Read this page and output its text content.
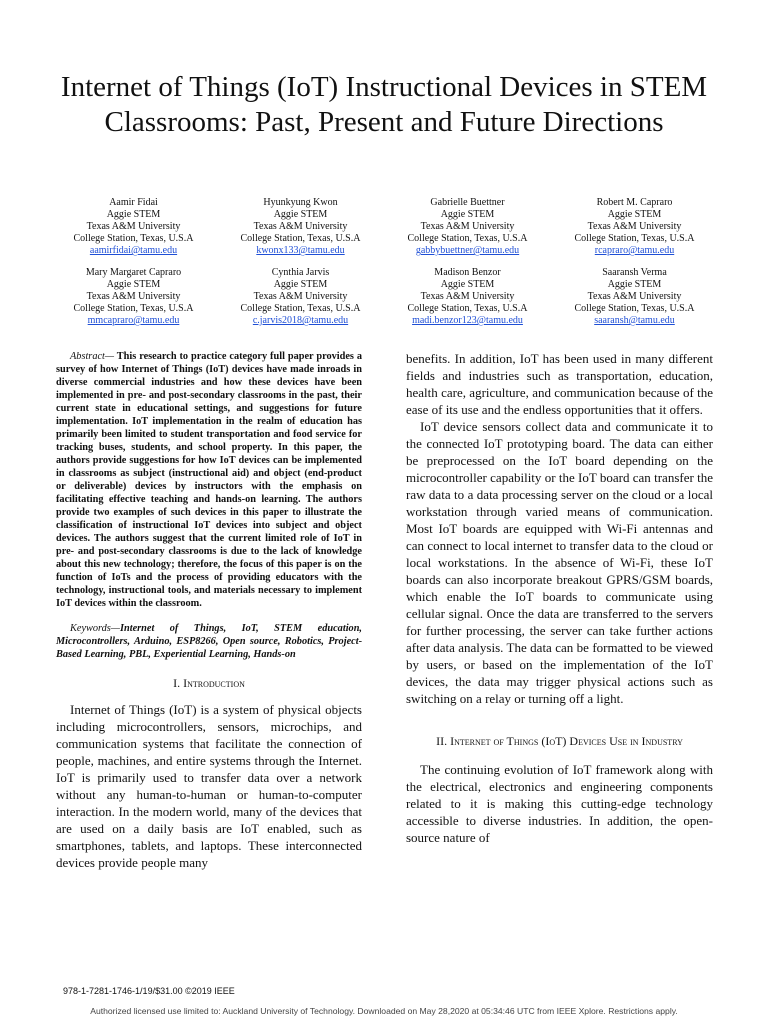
Internet of Things (IoT) Instructional Devices in STEM Classrooms: Past, Present and Future Directions
Aamir Fidai
Aggie STEM
Texas A&M University
College Station, Texas, U.S.A
aamirfidai@tamu.edu
Hyunkyung Kwon
Aggie STEM
Texas A&M University
College Station, Texas, U.S.A
kwonx133@tamu.edu
Gabrielle Buettner
Aggie STEM
Texas A&M University
College Station, Texas, U.S.A
gabbybuettner@tamu.edu
Robert M. Capraro
Aggie STEM
Texas A&M University
College Station, Texas, U.S.A
rcapraro@tamu.edu
Mary Margaret Capraro
Aggie STEM
Texas A&M University
College Station, Texas, U.S.A
mmcapraro@tamu.edu
Cynthia Jarvis
Aggie STEM
Texas A&M University
College Station, Texas, U.S.A
c.jarvis2018@tamu.edu
Madison Benzor
Aggie STEM
Texas A&M University
College Station, Texas, U.S.A
madi.benzor123@tamu.edu
Saaransh Verma
Aggie STEM
Texas A&M University
College Station, Texas, U.S.A
saaransh@tamu.edu

Abstract— This research to practice category full paper provides a survey of how Internet of Things (IoT) devices have made inroads in diverse commercial industries and how these devices have been implemented in pre- and post-secondary classrooms in the past, their current state in educational settings, and suggestions for future implementation. IoT implementation in the realm of education has primarily been limited to student transportation and food service for tracking buses, students, and school property. In this paper, the authors provide suggestions for how IoT devices can be implemented in classrooms as subject (instructional aid) and object (end-product or deliverable) devices by instructors with the emphasis on facilitating effective teaching and hands-on learning. The authors provide two examples of such devices in this paper to illustrate the classification of instructional IoT devices into subject and object devices. The authors suggest that the current limited role of IoT in pre- and post-secondary classrooms is due to the lack of knowledge about this new technology; therefore, the focus of this paper is on the function of IoTs and the process of providing educators with the technology, instructional tools, and materials necessary to implement IoT devices within the classroom.

Keywords—Internet of Things, IoT, STEM education, Microcontrollers, Arduino, ESP8266, Open source, Robotics, Project-Based Learning, PBL, Experiential Learning, Hands-on

I. Introduction

Internet of Things (IoT) is a system of physical objects including microcontrollers, sensors, microchips, and communication systems that facilitate the connection of people, machines, and entire systems through the Internet. IoT is primarily used to transfer data over a network without any human-to-human or human-to-computer interaction. In the modern world, many of the devices that are used on a daily basis are IoT enabled, such as smartphones, tablets, and laptops. These interconnected devices provide people many

benefits. In addition, IoT has been used in many different fields and industries such as transportation, education, health care, agriculture, and communication because of the ease of its use and the endless opportunities that it offers.

IoT device sensors collect data and communicate it to the connected IoT prototyping board. The data can either be preprocessed on the IoT board depending on the microcontroller capability or the IoT board can transfer the raw data to a data processing server on the cloud or a local workstation through varied means of communication. Most IoT boards are equipped with Wi-Fi antennas and can connect to local internet to transfer data to the cloud or local workstations. In the absence of Wi-Fi, these IoT boards can also incorporate breakout GPRS/GSM boards, which enable the IoT boards to communicate using cellular signal. Once the data are transferred to the servers for further processing, the server can take further actions after data analysis. The data can be formatted to be viewed by users, or based on the implementation of the IoT devices, the data may trigger physical actions such as switching on a relay or turning off a light.

II. Internet of Things (IoT) Devices Use in Industry

The continuing evolution of IoT framework along with the electrical, electronics and engineering components related to it is making this cutting-edge technology accessible to diverse industries. In addition, the open-source nature of

978-1-7281-1746-1/19/$31.00 ©2019 IEEE
Authorized licensed use limited to: Auckland University of Technology. Downloaded on May 28,2020 at 05:34:46 UTC from IEEE Xplore. Restrictions apply.
